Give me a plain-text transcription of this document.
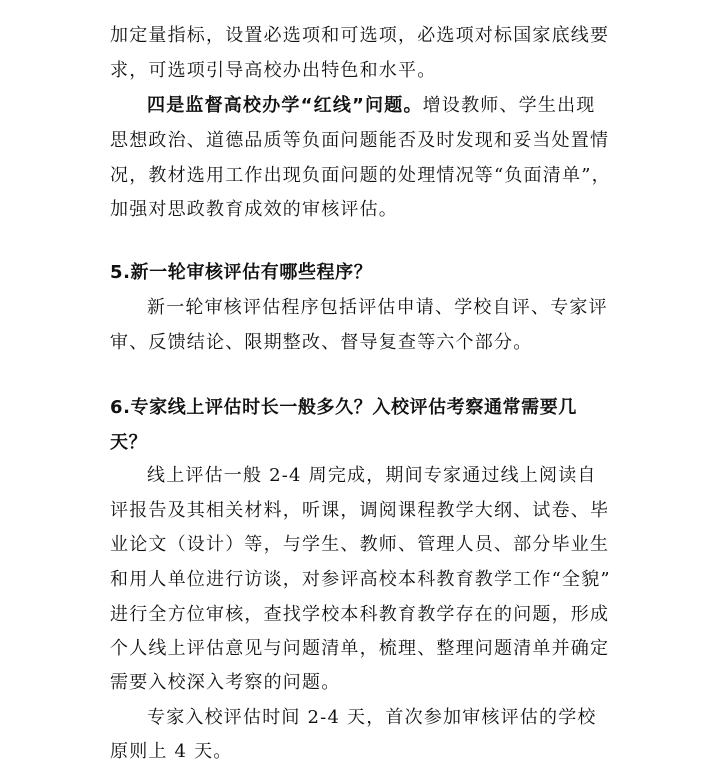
加定量指标，设置必选项和可选项，必选项对标国家底线要
求，可选项引导高校办出特色和水平。
四是监督高校办学“红线”问题。增设教师、学生出现
思想政治、道德品质等负面问题能否及时发现和妥当处置情
况，教材选用工作出现负面问题的处理情况等“负面清单”，
加强对思政教育成效的审核评估。
5.新一轮审核评估有哪些程序？
新一轮审核评估程序包括评估申请、学校自评、专家评
审、反馈结论、限期整改、督导复查等六个部分。
6.专家线上评估时长一般多久？入校评估考察通常需要几
天？
线上评估一般 2-4 周完成，期间专家通过线上阅读自
评报告及其相关材料，听课，调阅课程教学大纲、试卷、毕
业论文（设计）等，与学生、教师、管理人员、部分毕业生
和用人单位进行访谈，对参评高校本科教育教学工作“全貌”
进行全方位审核，查找学校本科教育教学存在的问题，形成
个人线上评估意见与问题清单，梳理、整理问题清单并确定
需要入校深入考察的问题。
专家入校评估时间 2-4 天，首次参加审核评估的学校
原则上 4 天。
